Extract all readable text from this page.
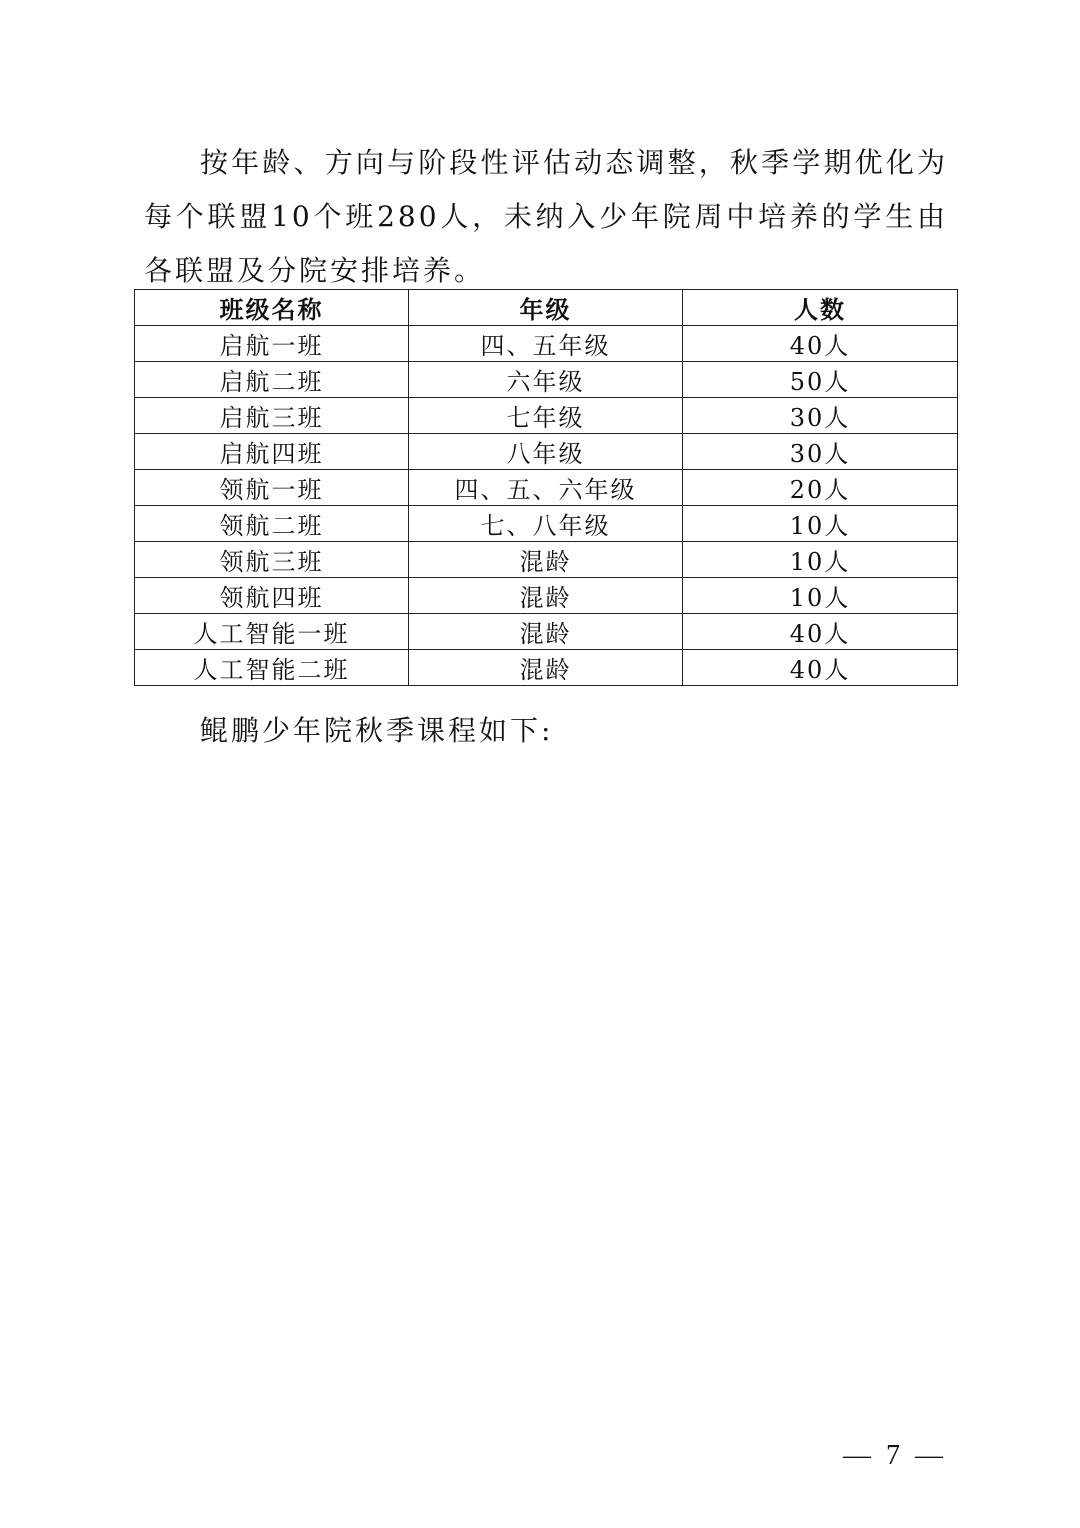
按年龄、方向与阶段性评估动态调整，秋季学期优化为每个联盟10个班280人，未纳入少年院周中培养的学生由各联盟及分院安排培养。

班级名称	年级	人数
启航一班	四、五年级	40人
启航二班	六年级	50人
启航三班	七年级	30人
启航四班	八年级	30人
领航一班	四、五、六年级	20人
领航二班	七、八年级	10人
领航三班	混龄	10人
领航四班	混龄	10人
人工智能一班	混龄	40人
人工智能二班	混龄	40人

鲲鹏少年院秋季课程如下:

— 7 —
